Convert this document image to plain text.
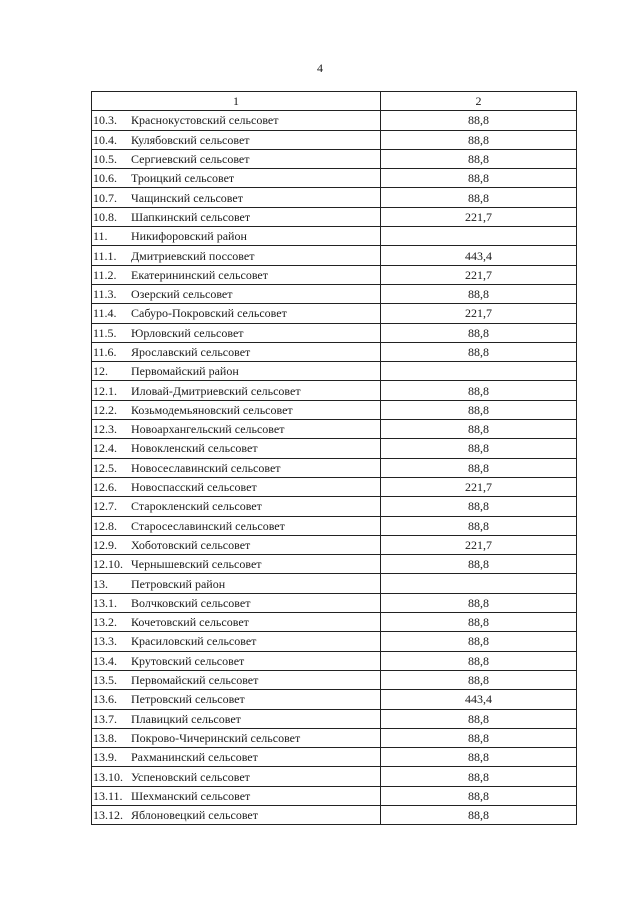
4
1	2
10.3. Краснокустовский сельсовет	88,8
10.4. Кулябовский сельсовет	88,8
10.5. Сергиевский сельсовет	88,8
10.6. Троицкий сельсовет	88,8
10.7. Чащинский сельсовет	88,8
10.8. Шапкинский сельсовет	221,7
11. Никифоровский район	
11.1. Дмитриевский поссовет	443,4
11.2. Екатерининский сельсовет	221,7
11.3. Озерский сельсовет	88,8
11.4. Сабуро-Покровский сельсовет	221,7
11.5. Юрловский сельсовет	88,8
11.6. Ярославский сельсовет	88,8
12. Первомайский район	
12.1. Иловай-Дмитриевский сельсовет	88,8
12.2. Козьмодемьяновский сельсовет	88,8
12.3. Новоархангельский сельсовет	88,8
12.4. Новокленский сельсовет	88,8
12.5. Новосеславинский сельсовет	88,8
12.6. Новоспасский сельсовет	221,7
12.7. Старокленский сельсовет	88,8
12.8. Старосеславинский сельсовет	88,8
12.9. Хоботовский сельсовет	221,7
12.10. Чернышевский сельсовет	88,8
13. Петровский район	
13.1. Волчковский сельсовет	88,8
13.2. Кочетовский сельсовет	88,8
13.3. Красиловский сельсовет	88,8
13.4. Крутовский сельсовет	88,8
13.5. Первомайский сельсовет	88,8
13.6. Петровский сельсовет	443,4
13.7. Плавицкий сельсовет	88,8
13.8. Покрово-Чичеринский сельсовет	88,8
13.9. Рахманинский сельсовет	88,8
13.10. Успеновский сельсовет	88,8
13.11. Шехманский сельсовет	88,8
13.12. Яблоновецкий сельсовет	88,8
